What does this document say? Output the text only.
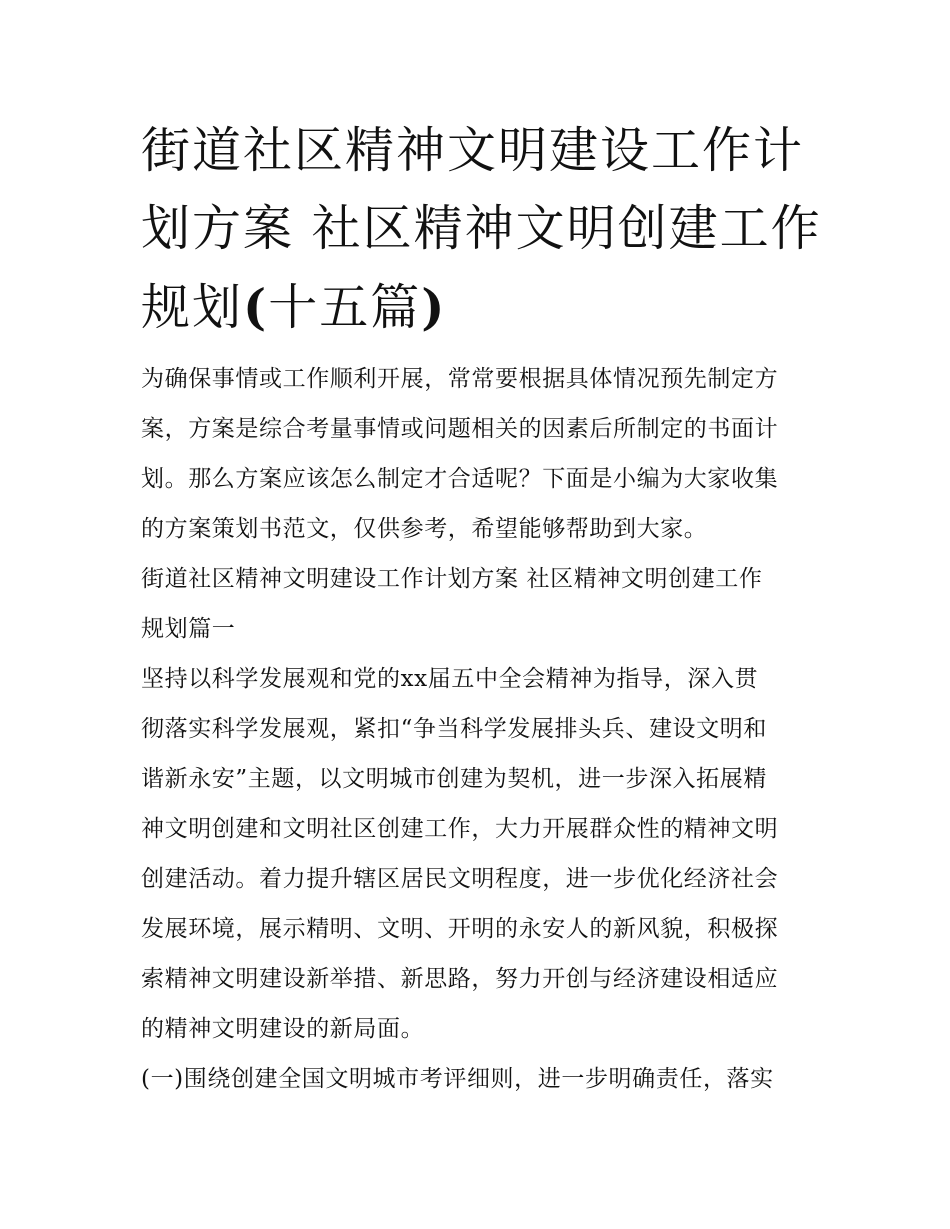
街道社区精神文明建设工作计
划方案 社区精神文明创建工作
规划(十五篇)
为确保事情或工作顺利开展，常常要根据具体情况预先制定方
案，方案是综合考量事情或问题相关的因素后所制定的书面计
划。那么方案应该怎么制定才合适呢？下面是小编为大家收集
的方案策划书范文，仅供参考，希望能够帮助到大家。
街道社区精神文明建设工作计划方案 社区精神文明创建工作
规划篇一
坚持以科学发展观和党的xx届五中全会精神为指导，深入贯
彻落实科学发展观，紧扣“争当科学发展排头兵、建设文明和
谐新永安”主题，以文明城市创建为契机，进一步深入拓展精
神文明创建和文明社区创建工作，大力开展群众性的精神文明
创建活动。着力提升辖区居民文明程度，进一步优化经济社会
发展环境，展示精明、文明、开明的永安人的新风貌，积极探
索精神文明建设新举措、新思路，努力开创与经济建设相适应
的精神文明建设的新局面。
(一)围绕创建全国文明城市考评细则，进一步明确责任，落实
